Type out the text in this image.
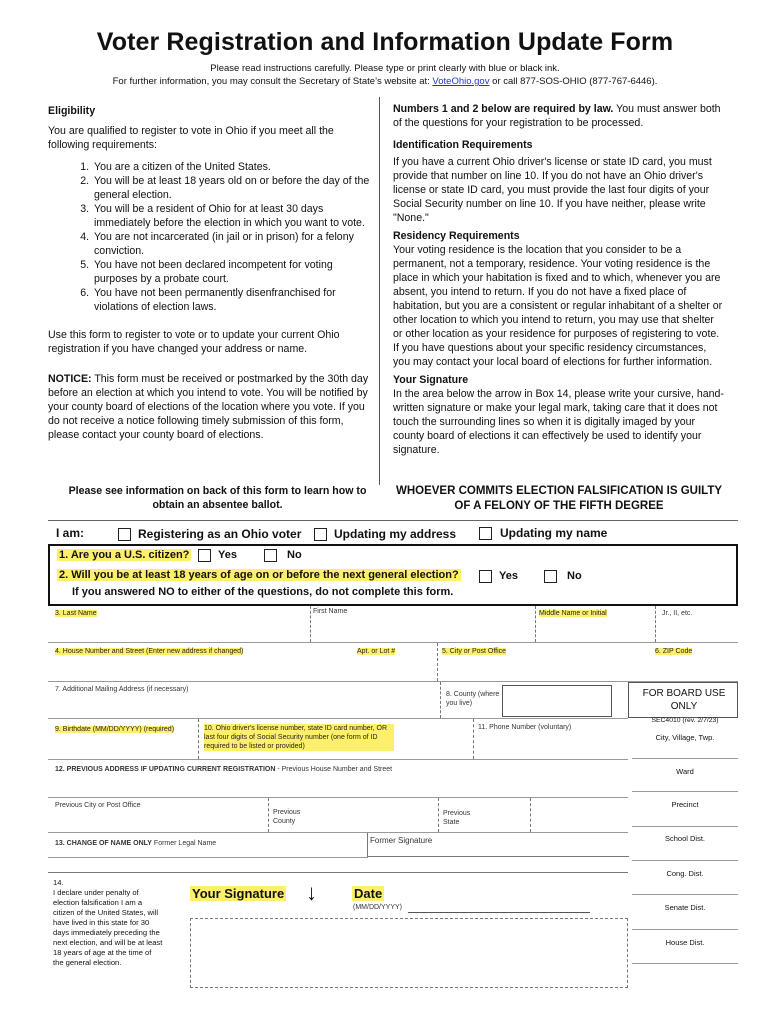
Voter Registration and Information Update Form
Please read instructions carefully. Please type or print clearly with blue or black ink.
For further information, you may consult the Secretary of State’s website at: VoteOhio.gov or call 877-SOS-OHIO (877-767-6446).
Eligibility
You are qualified to register to vote in Ohio if you meet all the following requirements:
1. You are a citizen of the United States.
2. You will be at least 18 years old on or before the day of the general election.
3. You will be a resident of Ohio for at least 30 days immediately before the election in which you want to vote.
4. You are not incarcerated (in jail or in prison) for a felony conviction.
5. You have not been declared incompetent for voting purposes by a probate court.
6. You have not been permanently disenfranchised for violations of election laws.
Use this form to register to vote or to update your current Ohio registration if you have changed your address or name.
NOTICE: This form must be received or postmarked by the 30th day before an election at which you intend to vote. You will be notified by your county board of elections of the location where you vote. If you do not receive a notice following timely submission of this form, please contact your county board of elections.
Please see information on back of this form to learn how to obtain an absentee ballot.
Numbers 1 and 2 below are required by law. You must answer both of the questions for your registration to be processed.
Identification Requirements
If you have a current Ohio driver's license or state ID card, you must provide that number on line 10. If you do not have an Ohio driver's license or state ID card, you must provide the last four digits of your Social Security number on line 10. If you have neither, please write "None."
Residency Requirements
Your voting residence is the location that you consider to be a permanent, not a temporary, residence. Your voting residence is the place in which your habitation is fixed and to which, whenever you are absent, you intend to return. If you do not have a fixed place of habitation, but you are a consistent or regular inhabitant of a shelter or other location to which you intend to return, you may use that shelter or other location as your residence for purposes of registering to vote. If you have questions about your specific residency circumstances, you may contact your local board of elections for further information.
Your Signature
In the area below the arrow in Box 14, please write your cursive, hand-written signature or make your legal mark, taking care that it does not touch the surrounding lines so when it is digitally imaged by your county board of elections it can effectively be used to identify your signature.
WHOEVER COMMITS ELECTION FALSIFICATION IS GUILTY OF A FELONY OF THE FIFTH DEGREE
I am:	Registering as an Ohio voter	Updating my address	Updating my name
1. Are you a U.S. citizen?	Yes	No
2. Will you be at least 18 years of age on or before the next general election?	Yes	No
If you answered NO to either of the questions, do not complete this form.
3. Last Name	First Name	Middle Name or Initial	Jr., II, etc.
4. House Number and Street (Enter new address if changed)	Apt. or Lot #	5. City or Post Office	6. ZIP Code
7. Additional Mailing Address (if necessary)
8. County (where you live)
9. Birthdate (MM/DD/YYYY) (required)	10. Ohio driver's license number, state ID card number, OR last four digits of Social Security number (one form of ID required to be listed or provided)
11. Phone Number (voluntary)
12. PREVIOUS ADDRESS IF UPDATING CURRENT REGISTRATION - Previous House Number and Street
Previous City or Post Office
Previous County
Previous State
13. CHANGE OF NAME ONLY Former Legal Name	Former Signature
14.
I declare under penalty of election falsification I am a citizen of the United States, will have lived in this state for 30 days immediately preceding the next election, and will be at least 18 years of age at the time of the general election.
Your Signature ↓	Date
(MM/DD/YYYY)
FOR BOARD USE ONLY
SEC4010 (rev. 2/7/23)
City, Village, Twp.
Ward
Precinct
School Dist.
Cong. Dist.
Senate Dist.
House Dist.
